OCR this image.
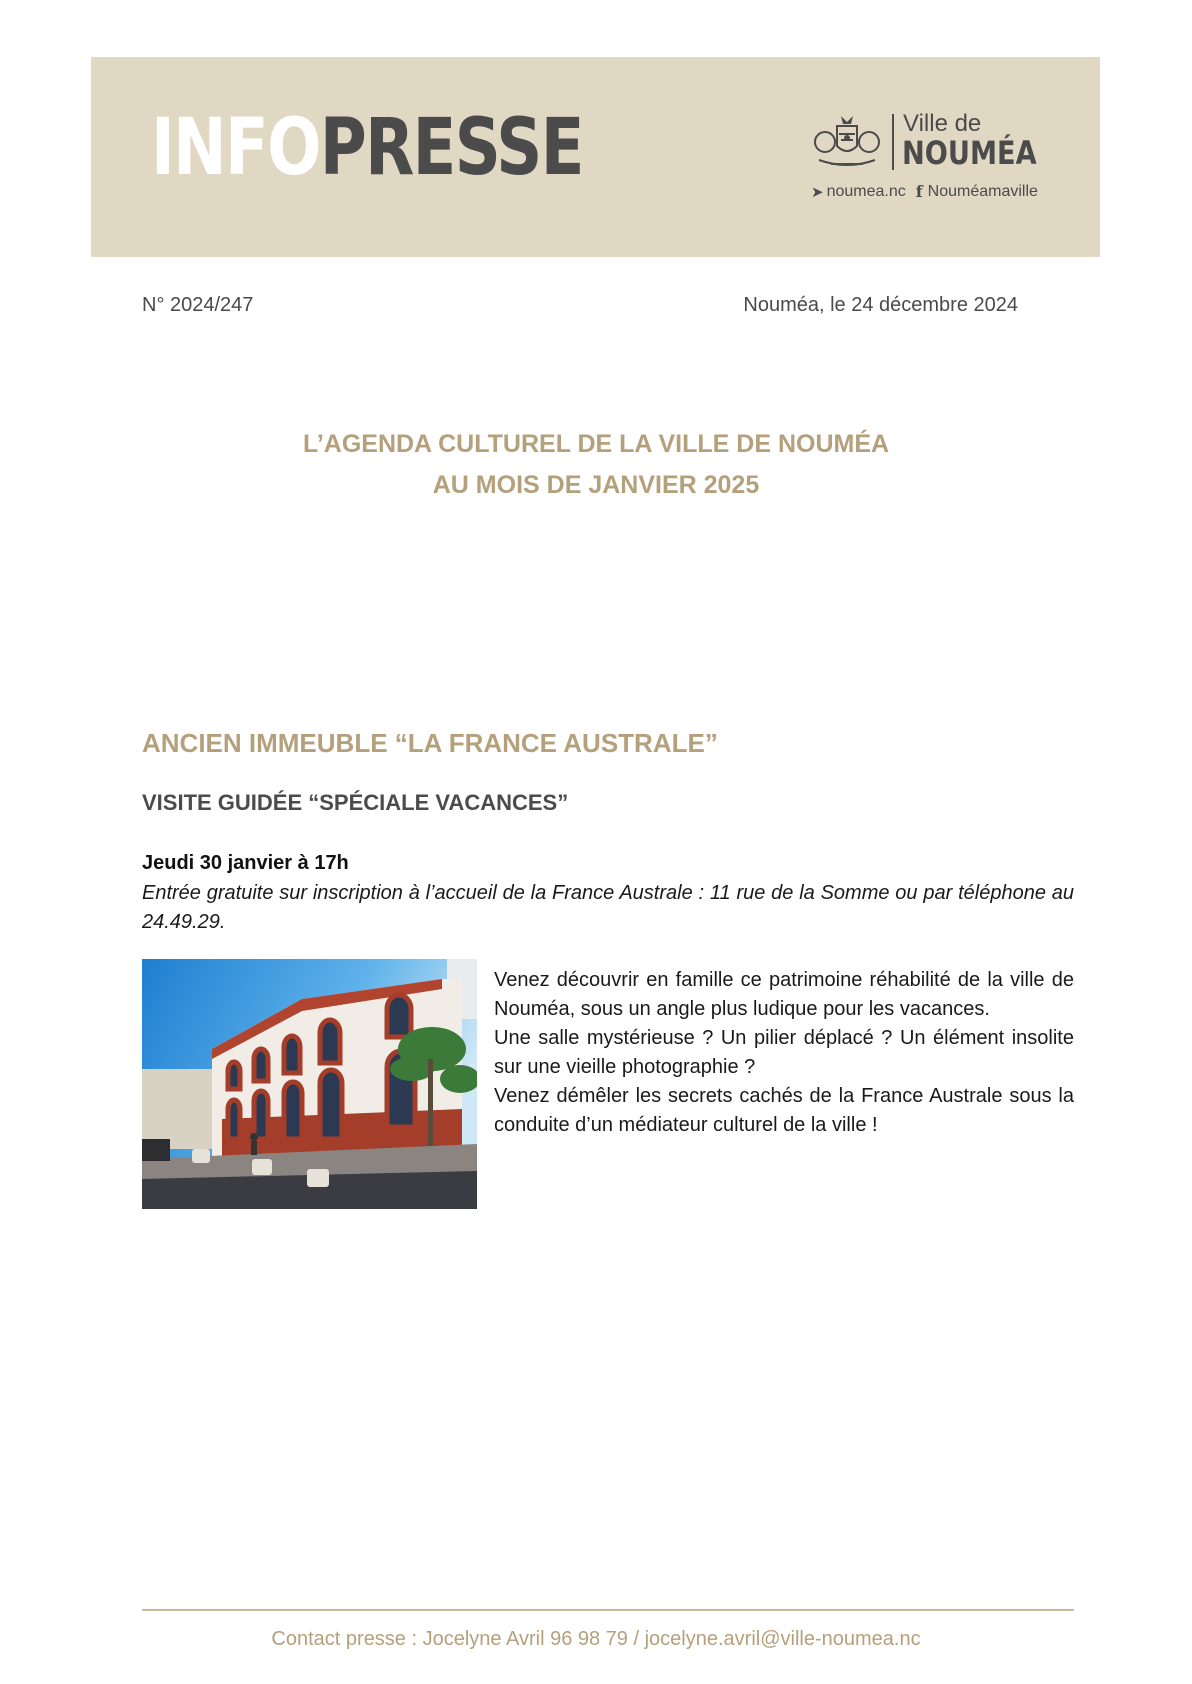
INFOPRESSE	Ville de
NOUMÉA
➤ noumea.nc f Nouméamaville
N° 2024/247	Nouméa, le 24 décembre 2024
L’AGENDA CULTUREL DE LA VILLE DE NOUMÉA
AU MOIS DE JANVIER 2025
ANCIEN IMMEUBLE “LA FRANCE AUSTRALE”
VISITE GUIDÉE “SPÉCIALE VACANCES”
Jeudi 30 janvier à 17h
Entrée gratuite sur inscription à l’accueil de la France Australe : 11 rue de la Somme ou par téléphone au 24.49.29.

Venez découvrir en famille ce patrimoine réhabilité de la ville de Nouméa, sous un angle plus ludique pour les vacances.

Une salle mystérieuse ? Un pilier déplacé ? Un élément insolite sur une vieille photographie ?

Venez démêler les secrets cachés de la France Australe sous la conduite d’un médiateur culturel de la ville !

Contact presse : Jocelyne Avril 96 98 79 / jocelyne.avril@ville-noumea.nc
